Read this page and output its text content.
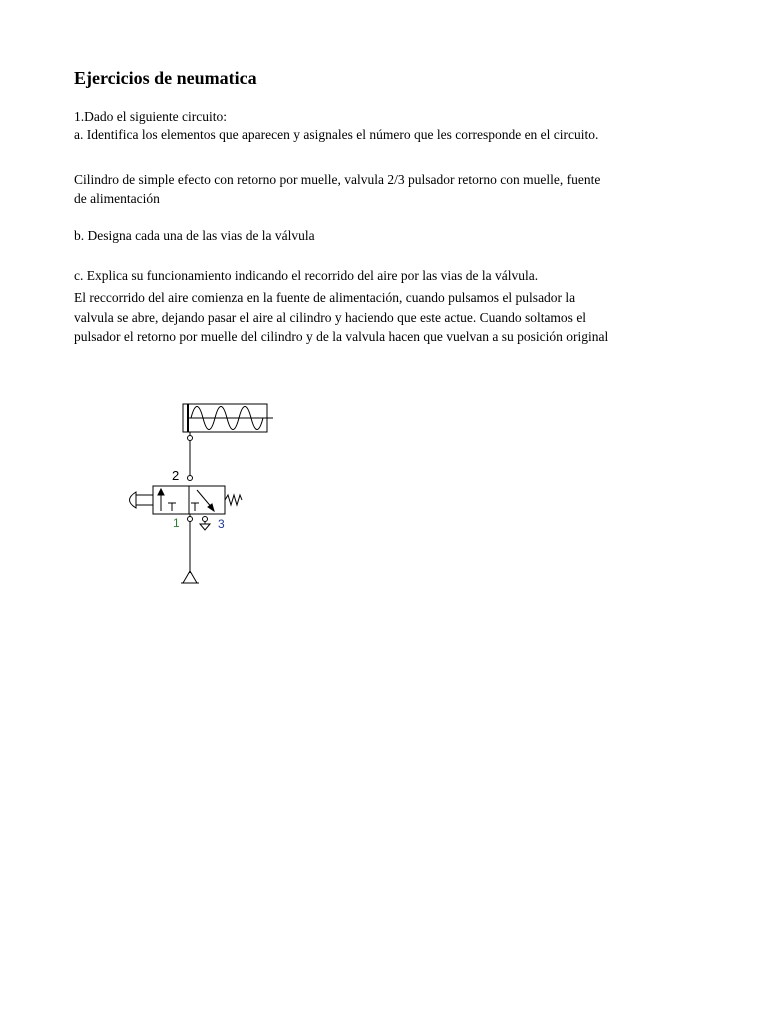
Ejercicios de neumatica
1.Dado el siguiente circuito:
a. Identifica los elementos que aparecen y asignales el número que les corresponde en el circuito.
Cilindro de simple efecto con retorno por muelle, valvula 2/3 pulsador retorno con muelle, fuente
de alimentación
b. Designa cada una de las vias de la válvula
c. Explica su funcionamiento indicando el recorrido del aire por las vias de la válvula.
El reccorrido del aire comienza en la fuente de alimentación, cuando pulsamos el pulsador la
valvula se abre, dejando pasar el aire al cilindro y haciendo que este actue. Cuando soltamos el
pulsador el retorno por muelle del cilindro y de la valvula hacen que vuelvan a su posición original
2
1	3
